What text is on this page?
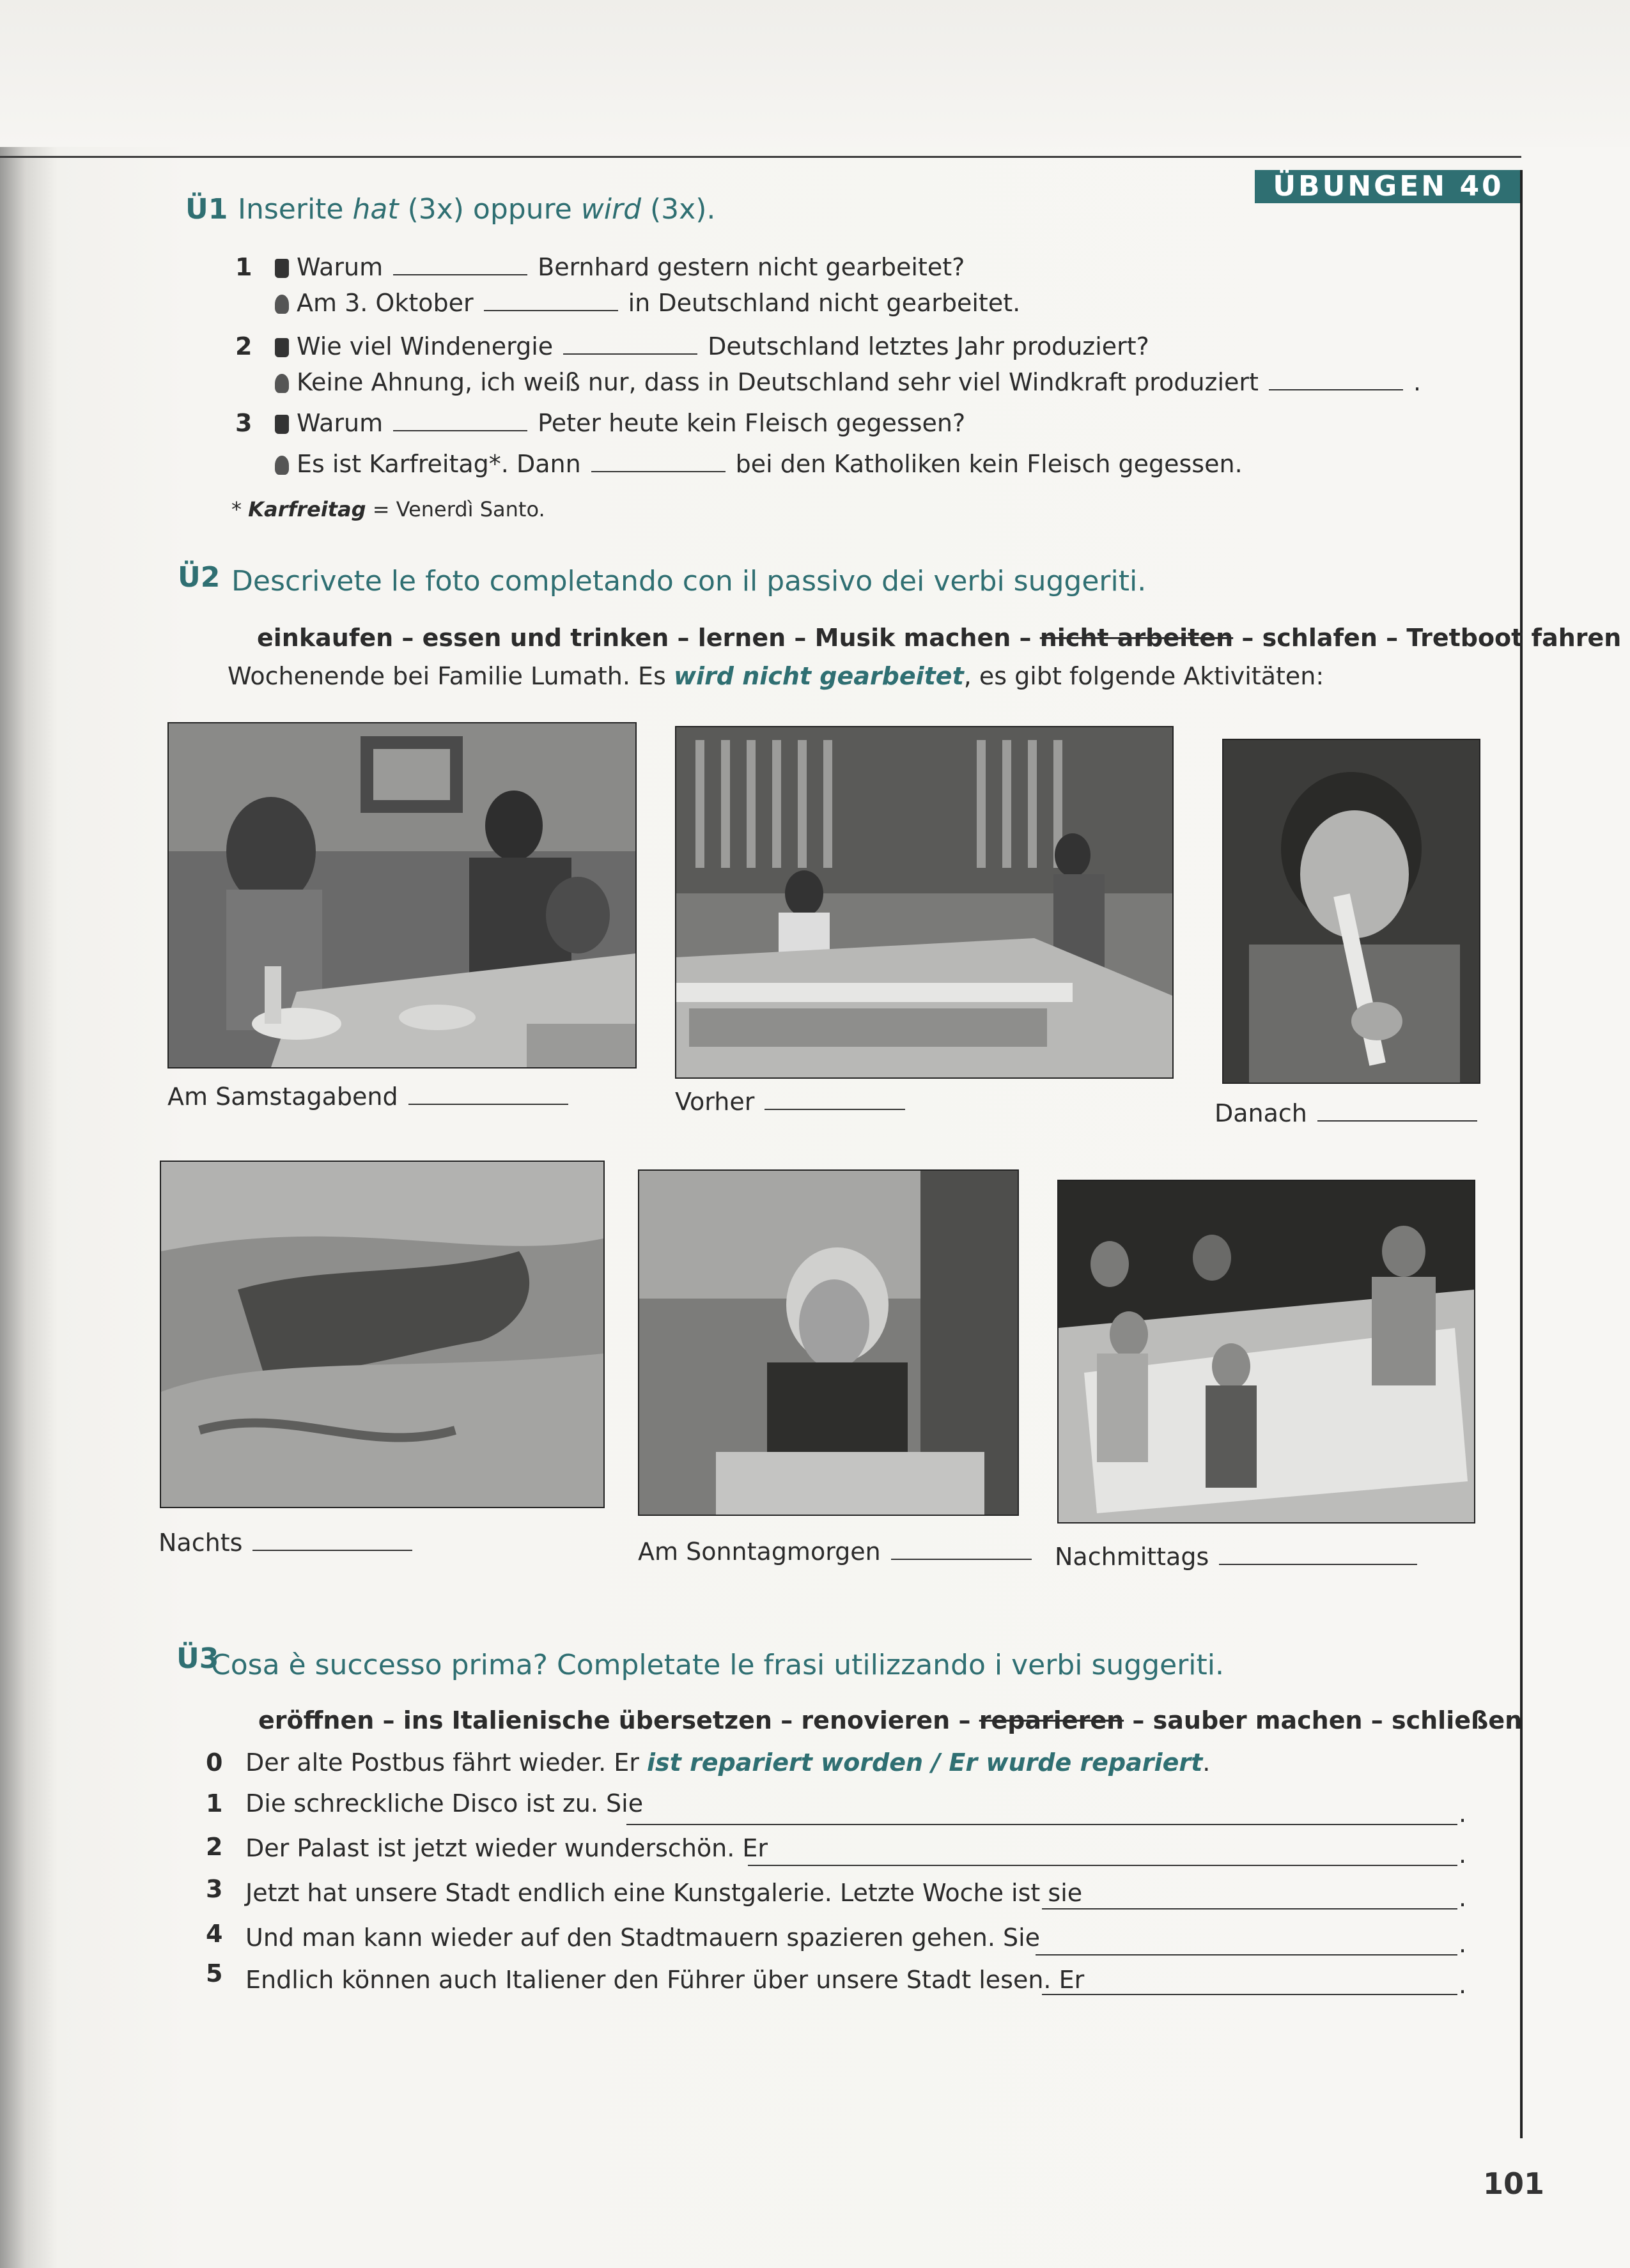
ÜBUNGEN 40
Ü1 Inserite hat (3x) oppure wird (3x).
1	Warum	Bernhard gestern nicht gearbeitet?
Am 3. Oktober	in Deutschland nicht gearbeitet.
2	Wie viel Windenergie	Deutschland letztes Jahr produziert?
Keine Ahnung, ich weiß nur, dass in Deutschland sehr viel Windkraft produziert	.
3	Warum	Peter heute kein Fleisch gegessen?
Es ist Karfreitag*. Dann	bei den Katholiken kein Fleisch gegessen.
* Karfreitag = Venerdì Santo.
Ü2 Descrivete le foto completando con il passivo dei verbi suggeriti.
einkaufen – essen und trinken – lernen – Musik machen – nicht arbeiten – schlafen – Tretboot fahren
Wochenende bei Familie Lumath. Es wird nicht gearbeitet, es gibt folgende Aktivitäten:
Am Samstagabend	Vorher	Danach
Nachts	Am Sonntagmorgen	Nachmittags
Ü3
Cosa è successo prima? Completate le frasi utilizzando i verbi suggeriti.
eröffnen – ins Italienische übersetzen – renovieren – reparieren – sauber machen – schließen
0 Der alte Postbus fährt wieder. Er ist repariert worden / Er wurde repariert.
1 Die schreckliche Disco ist zu. Sie	.
2 Der Palast ist jetzt wieder wunderschön. Er	.
3 Jetzt hat unsere Stadt endlich eine Kunstgalerie. Letzte Woche ist sie	.
4 Und man kann wieder auf den Stadtmauern spazieren gehen. Sie	.
5 Endlich können auch Italiener den Führer über unsere Stadt lesen. Er	.
101
